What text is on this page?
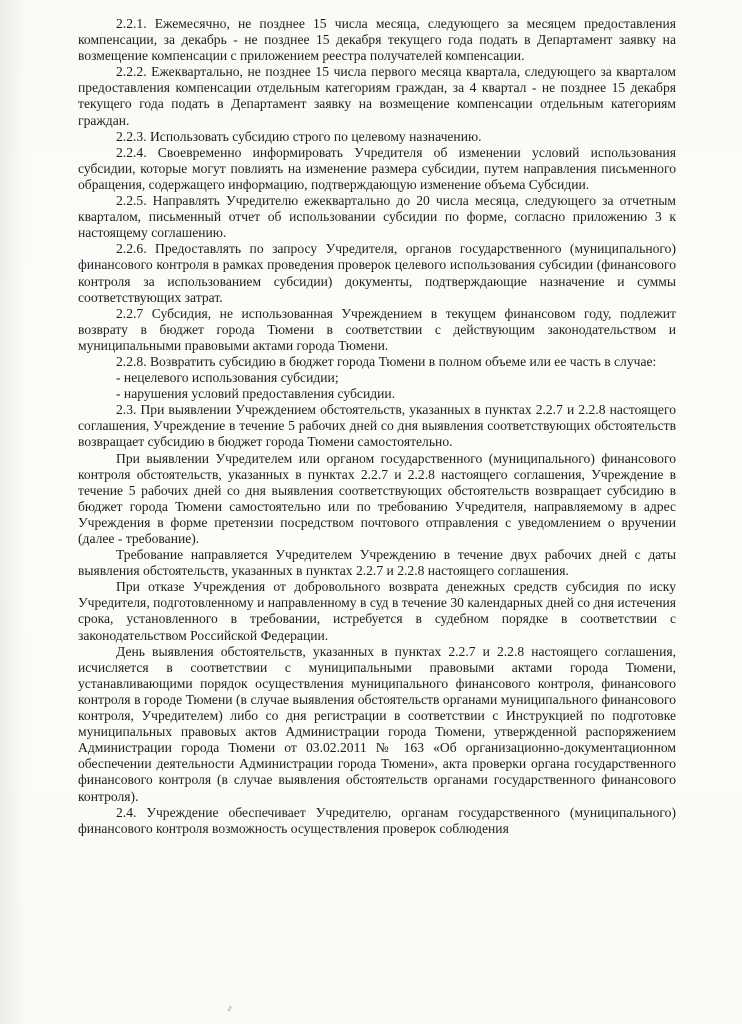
2.2.1. Ежемесячно, не позднее 15 числа месяца, следующего за месяцем предоставления компенсации, за декабрь - не позднее 15 декабря текущего года подать в Департамент заявку на возмещение компенсации с приложением реестра получателей компенсации.

2.2.2. Ежеквартально, не позднее 15 числа первого месяца квартала, следующего за кварталом предоставления компенсации отдельным категориям граждан, за 4 квартал - не позднее 15 декабря текущего года подать в Департамент заявку на возмещение компенсации отдельным категориям граждан.

2.2.3. Использовать субсидию строго по целевому назначению.

2.2.4. Своевременно информировать Учредителя об изменении условий использования субсидии, которые могут повлиять на изменение размера субсидии, путем направления письменного обращения, содержащего информацию, подтверждающую изменение объема Субсидии.

2.2.5. Направлять Учредителю ежеквартально до 20 числа месяца, следующего за отчетным кварталом, письменный отчет об использовании субсидии по форме, согласно приложению 3 к настоящему соглашению.

2.2.6. Предоставлять по запросу Учредителя, органов государственного (муниципального) финансового контроля в рамках проведения проверок целевого использования субсидии (финансового контроля за использованием субсидии) документы, подтверждающие назначение и суммы соответствующих затрат.

2.2.7 Субсидия, не использованная Учреждением в текущем финансовом году, подлежит возврату в бюджет города Тюмени в соответствии с действующим законодательством и муниципальными правовыми актами города Тюмени.

2.2.8. Возвратить субсидию в бюджет города Тюмени в полном объеме или ее часть в случае:

- нецелевого использования субсидии;

- нарушения условий предоставления субсидии.

2.3. При выявлении Учреждением обстоятельств, указанных в пунктах 2.2.7 и 2.2.8 настоящего соглашения, Учреждение в течение 5 рабочих дней со дня выявления соответствующих обстоятельств возвращает субсидию в бюджет города Тюмени самостоятельно.

При выявлении Учредителем или органом государственного (муниципального) финансового контроля обстоятельств, указанных в пунктах 2.2.7 и 2.2.8 настоящего соглашения, Учреждение в течение 5 рабочих дней со дня выявления соответствующих обстоятельств возвращает субсидию в бюджет города Тюмени самостоятельно или по требованию Учредителя, направляемому в адрес Учреждения в форме претензии посредством почтового отправления с уведомлением о вручении (далее - требование).

Требование направляется Учредителем Учреждению в течение двух рабочих дней с даты выявления обстоятельств, указанных в пунктах 2.2.7 и 2.2.8 настоящего соглашения.

При отказе Учреждения от добровольного возврата денежных средств субсидия по иску Учредителя, подготовленному и направленному в суд в течение 30 календарных дней со дня истечения срока, установленного в требовании, истребуется в судебном порядке в соответствии с законодательством Российской Федерации.

День выявления обстоятельств, указанных в пунктах 2.2.7 и 2.2.8 настоящего соглашения, исчисляется в соответствии с муниципальными правовыми актами города Тюмени, устанавливающими порядок осуществления муниципального финансового контроля, финансового контроля в городе Тюмени (в случае выявления обстоятельств органами муниципального финансового контроля, Учредителем) либо со дня регистрации в соответствии с Инструкцией по подготовке муниципальных правовых актов Администрации города Тюмени, утвержденной распоряжением Администрации города Тюмени от 03.02.2011 № 163 «Об организационно-документационном обеспечении деятельности Администрации города Тюмени», акта проверки органа государственного финансового контроля (в случае выявления обстоятельств органами государственного финансового контроля).

2.4. Учреждение обеспечивает Учредителю, органам государственного (муниципального) финансового контроля возможность осуществления проверок соблюдения

г
